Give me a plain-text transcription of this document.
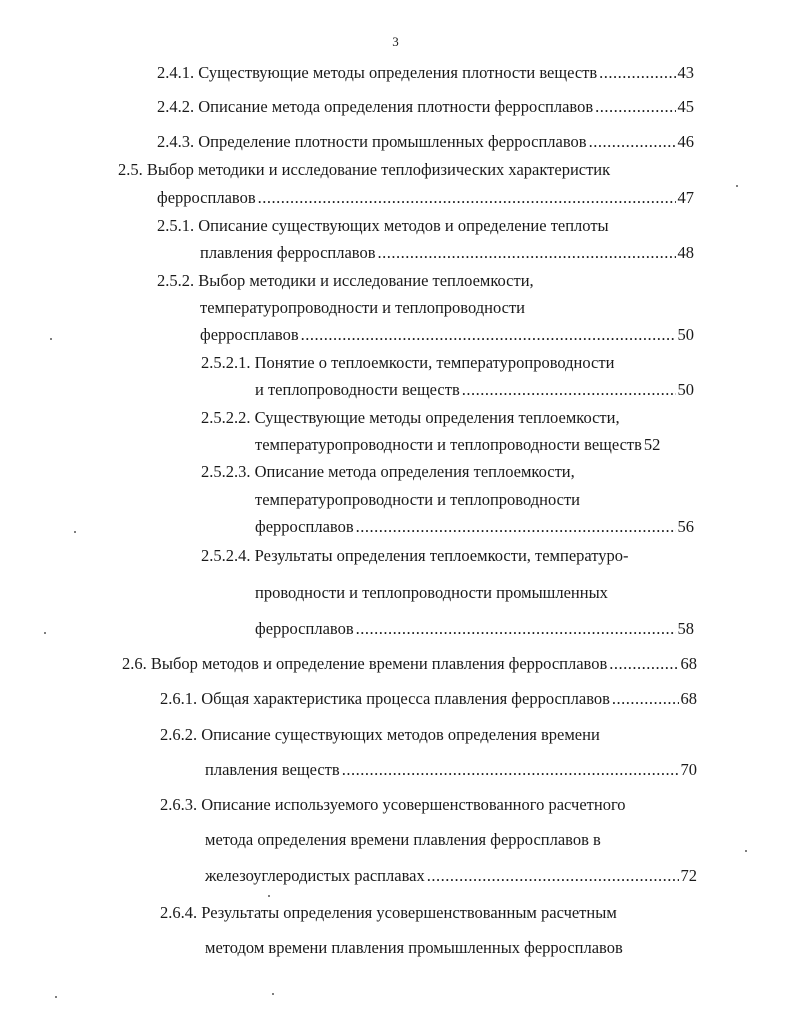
3
2.4.1. Существующие методы определения плотности веществ .....	43
2.4.2. Описание метода определения плотности ферросплавов .....	45
2.4.3. Определение плотности промышленных ферросплавов .....	46
2.5. Выбор методики и исследование теплофизических характеристик
ферросплавов .....	47
2.5.1. Описание существующих методов и определение теплоты
плавления ферросплавов .....	48
2.5.2. Выбор методики и исследование теплоемкости,
температуропроводности и теплопроводности
ферросплавов .....	50
2.5.2.1. Понятие о теплоемкости, температуропроводности
и теплопроводности веществ .....	50
2.5.2.2. Существующие методы определения теплоемкости,
температуропроводности и теплопроводности веществ 52
2.5.2.3. Описание метода определения теплоемкости,
температуропроводности и теплопроводности
ферросплавов .....	56
2.5.2.4. Результаты определения теплоемкости, температуро-
проводности и теплопроводности промышленных
ферросплавов .....	58
2.6. Выбор методов и определение времени плавления ферросплавов .....	68
2.6.1. Общая характеристика процесса плавления ферросплавов .....	68
2.6.2. Описание существующих методов определения времени
плавления веществ .....	70
2.6.3. Описание используемого усовершенствованного расчетного
метода определения времени плавления ферросплавов в
железоуглеродистых расплавах .....	72
2.6.4. Результаты определения усовершенствованным расчетным
методом времени плавления промышленных ферросплавов
